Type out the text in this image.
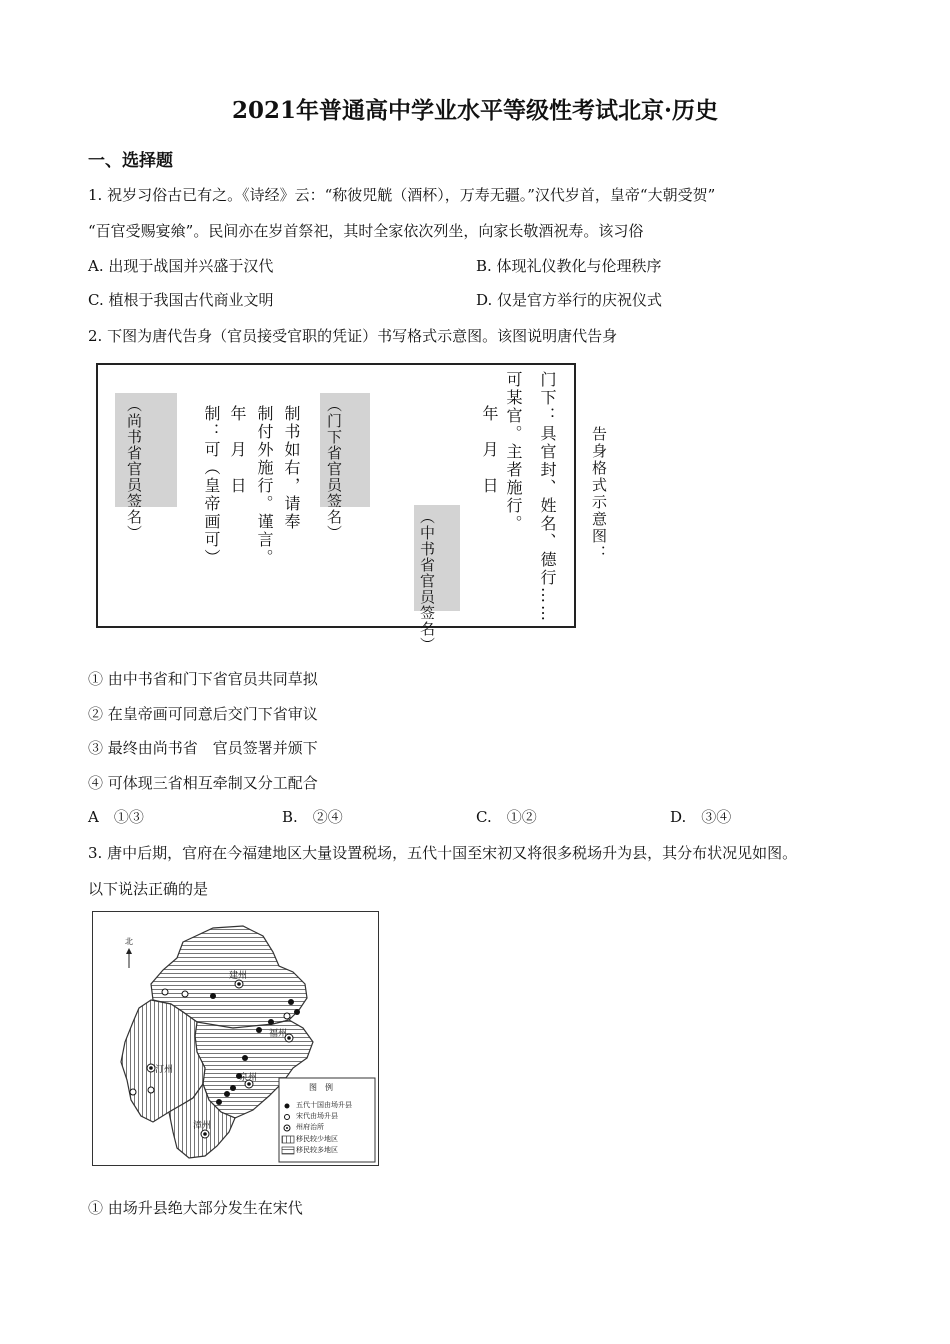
2021年普通高中学业水平等级性考试北京·历史
一、选择题
1. 祝岁习俗古已有之。《诗经》云：“称彼兕觥（酒杯），万寿无疆。”汉代岁首，皇帝“大朝受贺”
“百官受赐宴飨”。民间亦在岁首祭祀，其时全家依次列坐，向家长敬酒祝寿。该习俗
A. 出现于战国并兴盛于汉代	B. 体现礼仪教化与伦理秩序
C. 植根于我国古代商业文明	D. 仅是官方举行的庆祝仪式
2. 下图为唐代告身（官员接受官职的凭证）书写格式示意图。该图说明唐代告身
门下：具官封、姓名、德行……
可某官。主者施行。
年　月　日
（中书省官员签名）
（门下省官员签名）
制书如右，请奉
制付外施行。谨言。
年　月　日
制：可（皇帝画可）
（尚书省官员签名）	告身格式示意图：
① 由中书省和门下省官员共同草拟
② 在皇帝画可同意后交门下省审议
③ 最终由尚书省　官员签署并颁下
④ 可体现三省相互牵制又分工配合
A　①③	B.　②④	C.　①②	D.　③④
3. 唐中后期，官府在今福建地区大量设置税场，五代十国至宋初又将很多税场升为县，其分布状况见如图。
以下说法正确的是
北
建州
福州
汀州
泉州
漳州
图　例
五代十国由场升县
宋代由场升县
州府治所
移民较少地区
移民较多地区
① 由场升县绝大部分发生在宋代
